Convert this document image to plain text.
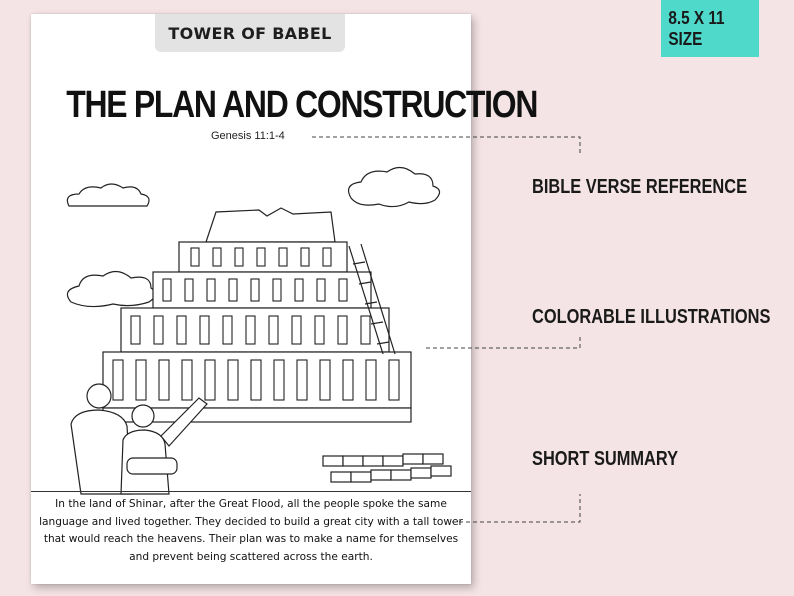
TOWER OF BABEL
THE PLAN AND CONSTRUCTION
Genesis 11:1-4
In the land of Shinar, after the Great Flood, all the people spoke the same language and lived together. They decided to build a great city with a tall tower that would reach the heavens. Their plan was to make a name for themselves and prevent being scattered across the earth.
8.5 X 11 SIZE
BIBLE VERSE REFERENCE
COLORABLE ILLUSTRATIONS
SHORT SUMMARY
